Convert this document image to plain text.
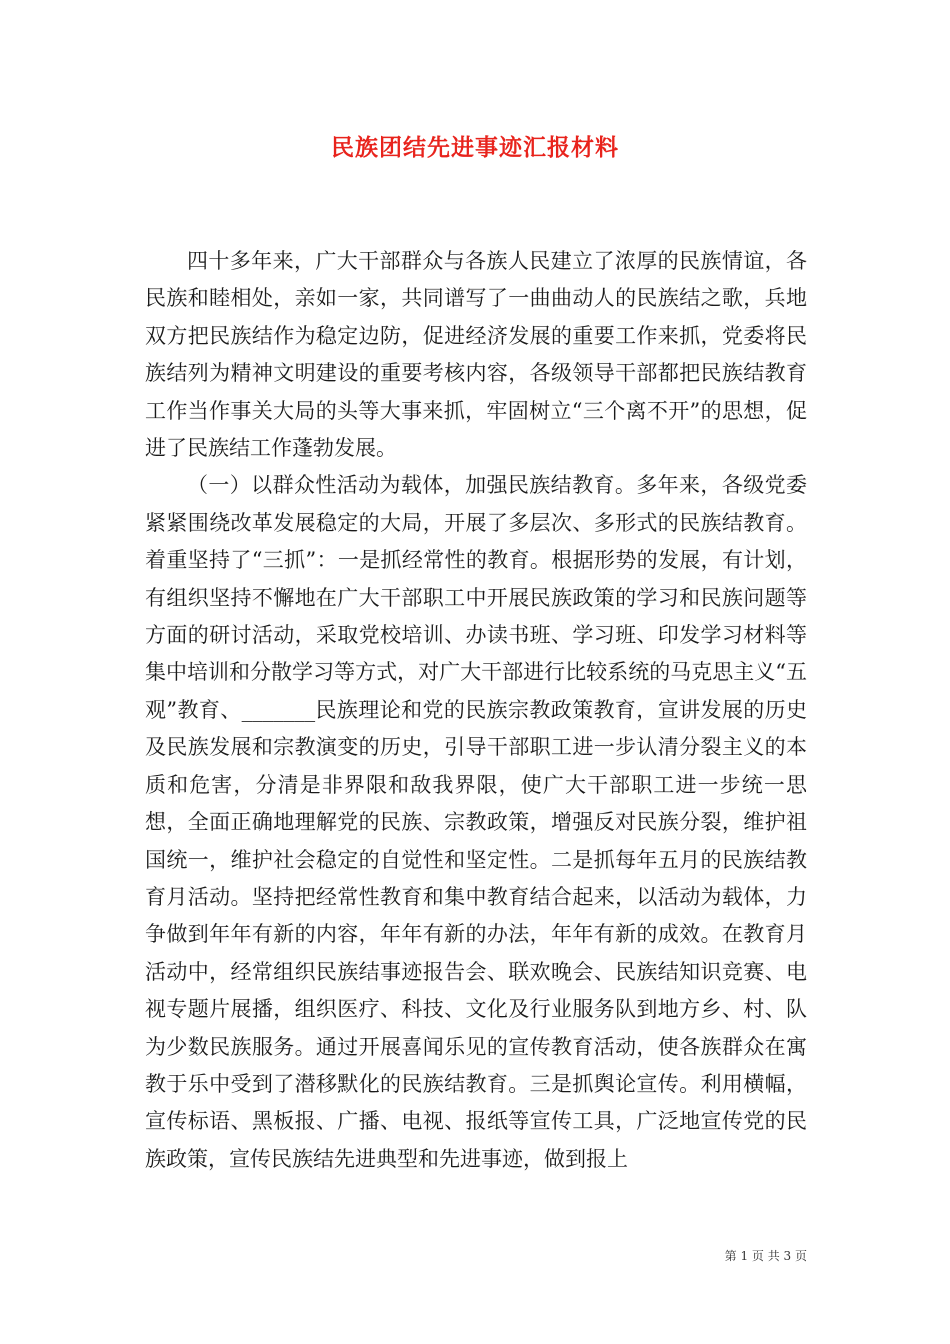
民族团结先进事迹汇报材料

四十多年来，广大干部群众与各族人民建立了浓厚的民族情谊，各民族和睦相处，亲如一家，共同谱写了一曲曲动人的民族结之歌，兵地双方把民族结作为稳定边防，促进经济发展的重要工作来抓，党委将民族结列为精神文明建设的重要考核内容，各级领导干部都把民族结教育工作当作事关大局的头等大事来抓，牢固树立“三个离不开”的思想，促进了民族结工作蓬勃发展。

（一）以群众性活动为载体，加强民族结教育。多年来，各级党委紧紧围绕改革发展稳定的大局，开展了多层次、多形式的民族结教育。着重坚持了“三抓”：一是抓经常性的教育。根据形势的发展，有计划，有组织坚持不懈地在广大干部职工中开展民族政策的学习和民族问题等方面的研讨活动，采取党校培训、办读书班、学习班、印发学习材料等集中培训和分散学习等方式，对广大干部进行比较系统的马克思主义“五观”教育、_______民族理论和党的民族宗教政策教育，宣讲发展的历史及民族发展和宗教演变的历史，引导干部职工进一步认清分裂主义的本质和危害，分清是非界限和敌我界限，使广大干部职工进一步统一思想，全面正确地理解党的民族、宗教政策，增强反对民族分裂，维护祖国统一，维护社会稳定的自觉性和坚定性。二是抓每年五月的民族结教育月活动。坚持把经常性教育和集中教育结合起来，以活动为载体，力争做到年年有新的内容，年年有新的办法，年年有新的成效。在教育月活动中，经常组织民族结事迹报告会、联欢晚会、民族结知识竞赛、电视专题片展播，组织医疗、科技、文化及行业服务队到地方乡、村、队为少数民族服务。通过开展喜闻乐见的宣传教育活动，使各族群众在寓教于乐中受到了潜移默化的民族结教育。三是抓舆论宣传。利用横幅，宣传标语、黑板报、广播、电视、报纸等宣传工具，广泛地宣传党的民族政策，宣传民族结先进典型和先进事迹，做到报上

第 1 页 共 3 页
